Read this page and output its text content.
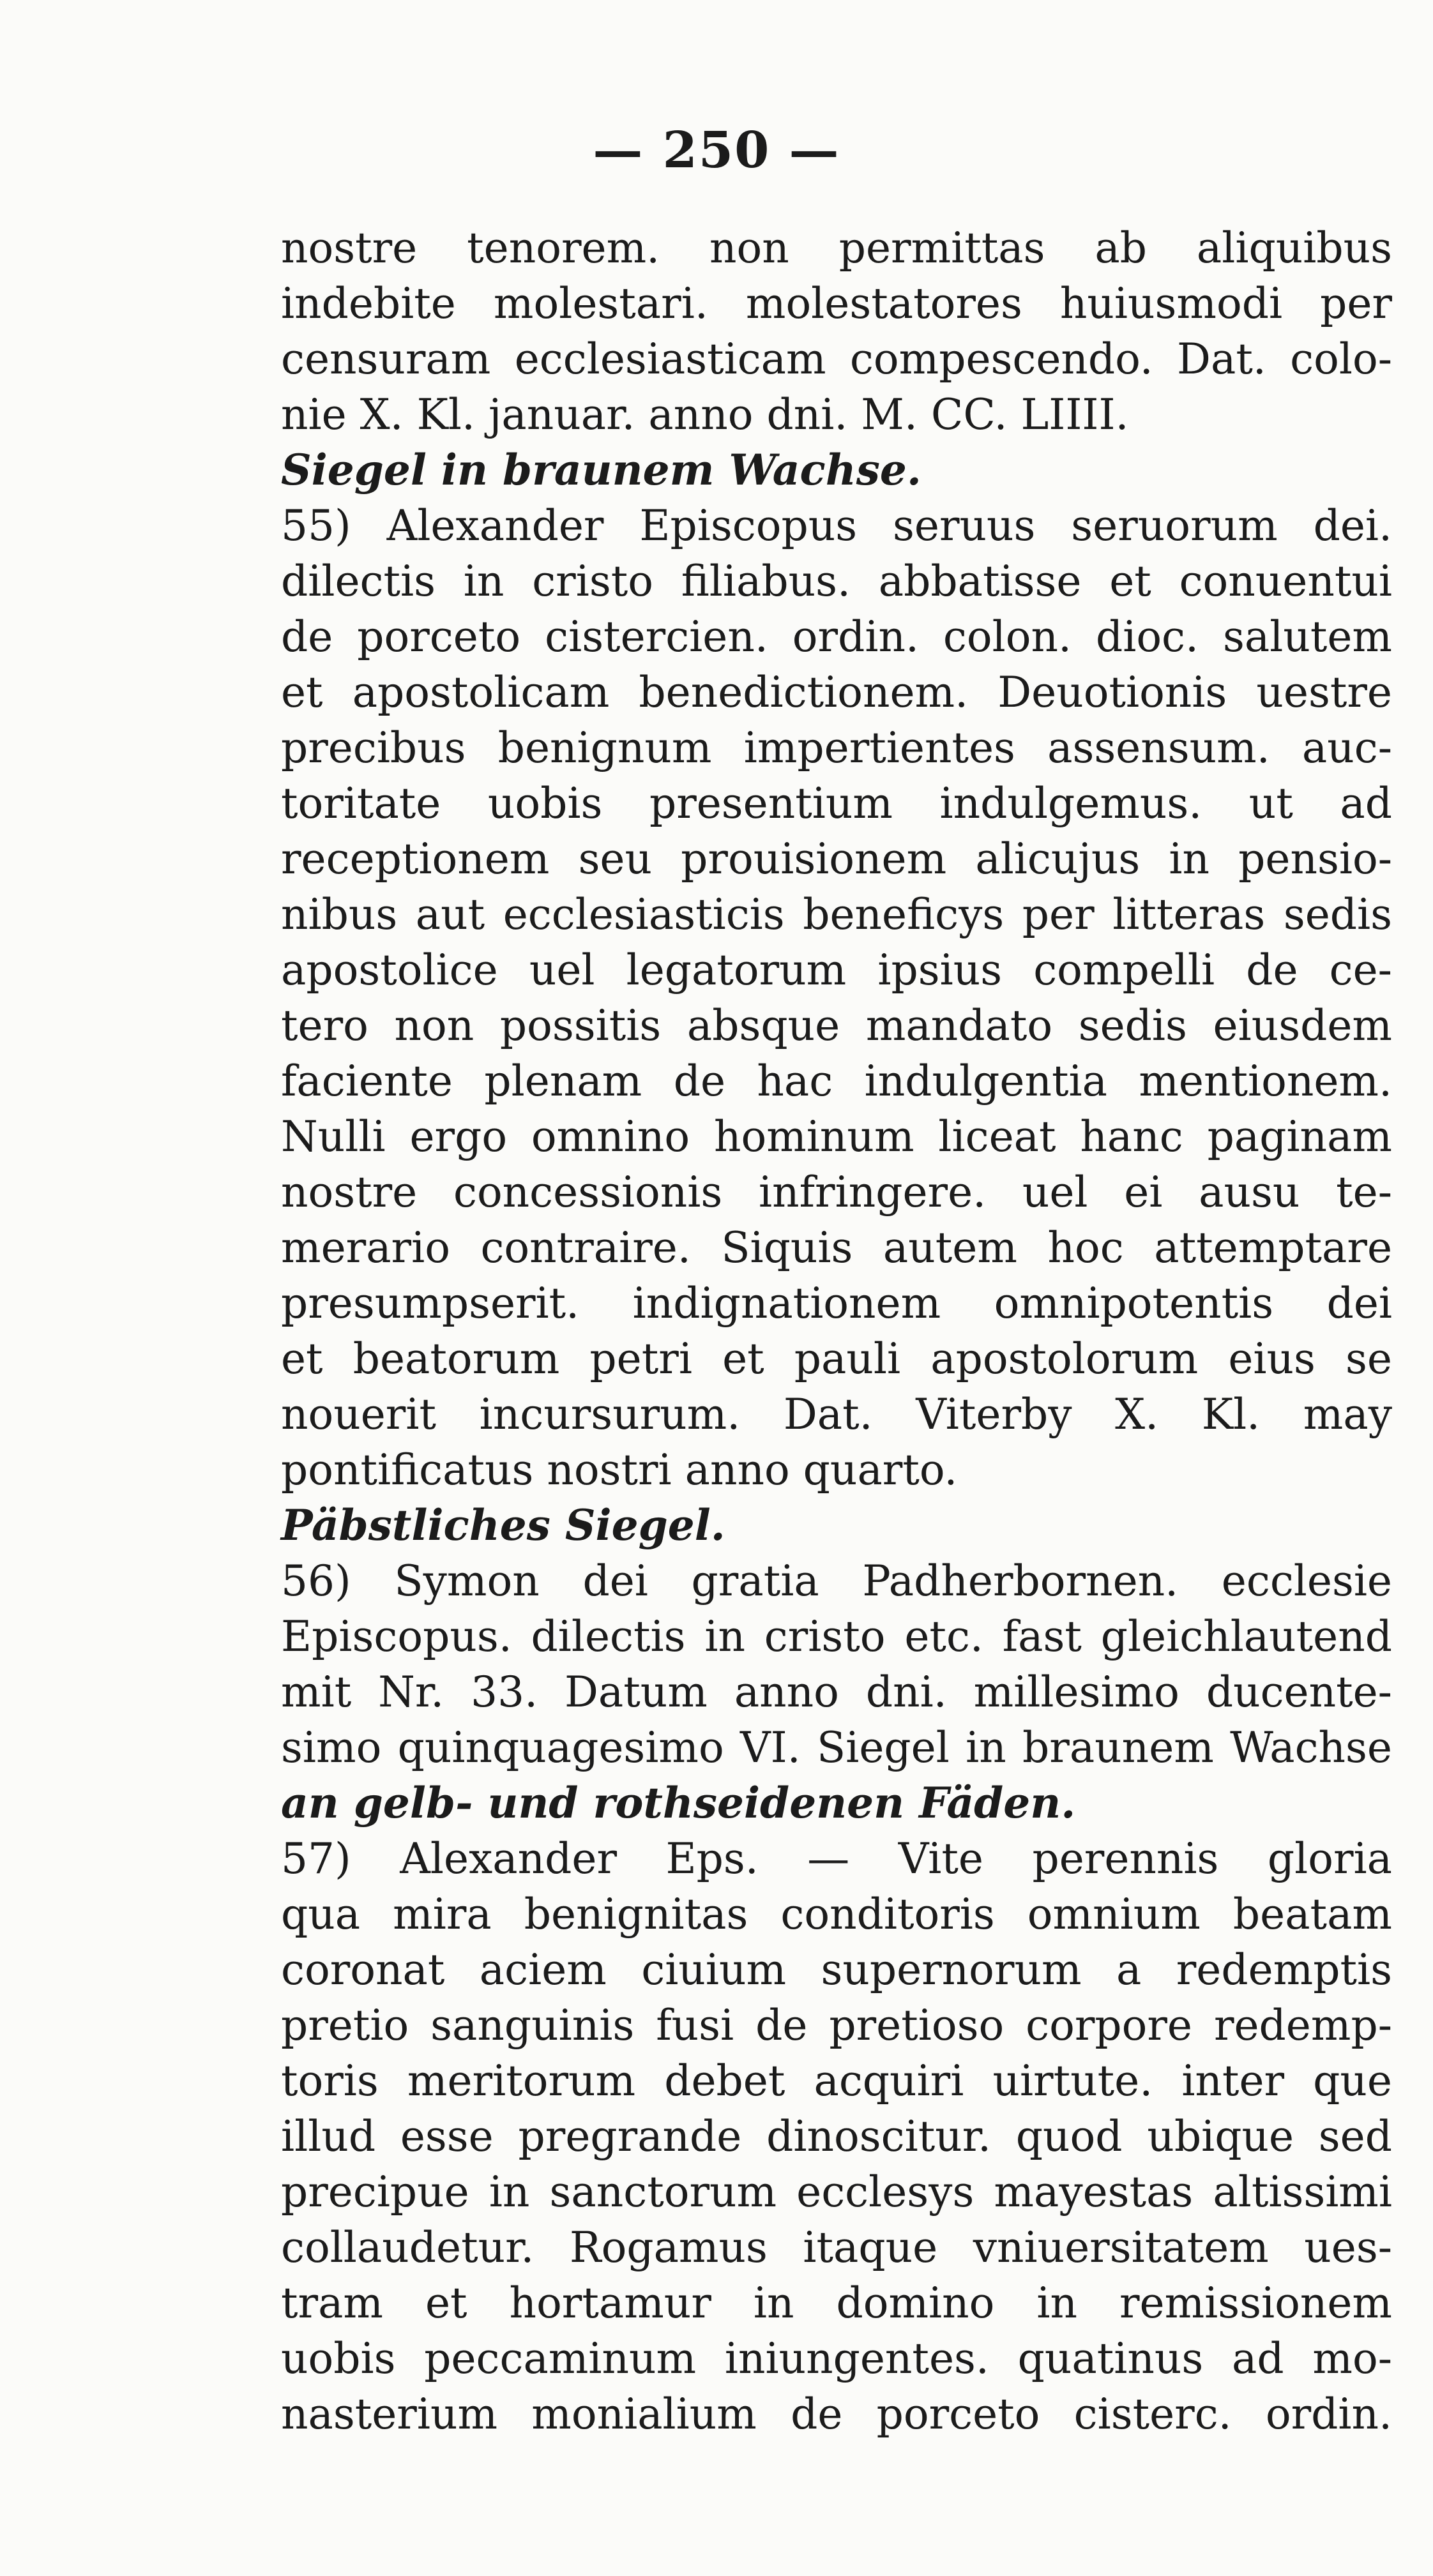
— 250 —
nostre tenorem. non permittas ab aliquibus
indebite molestari. molestatores huiusmodi per
censuram ecclesiasticam compescendo. Dat. colo-
nie X. Kl. januar. anno dni. M. CC. LIIII.
Siegel in braunem Wachse.
55) Alexander Episcopus seruus seruorum dei.
dilectis in cristo filiabus. abbatisse et conuentui
de porceto cistercien. ordin. colon. dioc. salutem
et apostolicam benedictionem. Deuotionis uestre
precibus benignum impertientes assensum. auc-
toritate uobis presentium indulgemus. ut ad
receptionem seu prouisionem alicujus in pensio-
nibus aut ecclesiasticis beneficys per litteras sedis
apostolice uel legatorum ipsius compelli de ce-
tero non possitis absque mandato sedis eiusdem
faciente plenam de hac indulgentia mentionem.
Nulli ergo omnino hominum liceat hanc paginam
nostre concessionis infringere. uel ei ausu te-
merario contraire. Siquis autem hoc attemptare
presumpserit. indignationem omnipotentis dei
et beatorum petri et pauli apostolorum eius se
nouerit incursurum. Dat. Viterby X. Kl. may
pontificatus nostri anno quarto.
Päbstliches Siegel.
56) Symon dei gratia Padherbornen. ecclesie
Episcopus. dilectis in cristo etc. fast gleichlautend
mit Nr. 33. Datum anno dni. millesimo ducente-
simo quinquagesimo VI. Siegel in braunem Wachse
an gelb- und rothseidenen Fäden.
57) Alexander Eps. — Vite perennis gloria
qua mira benignitas conditoris omnium beatam
coronat aciem ciuium supernorum a redemptis
pretio sanguinis fusi de pretioso corpore redemp-
toris meritorum debet acquiri uirtute. inter que
illud esse pregrande dinoscitur. quod ubique sed
precipue in sanctorum ecclesys mayestas altissimi
collaudetur. Rogamus itaque vniuersitatem ues-
tram et hortamur in domino in remissionem
uobis peccaminum iniungentes. quatinus ad mo-
nasterium monialium de porceto cisterc. ordin.
